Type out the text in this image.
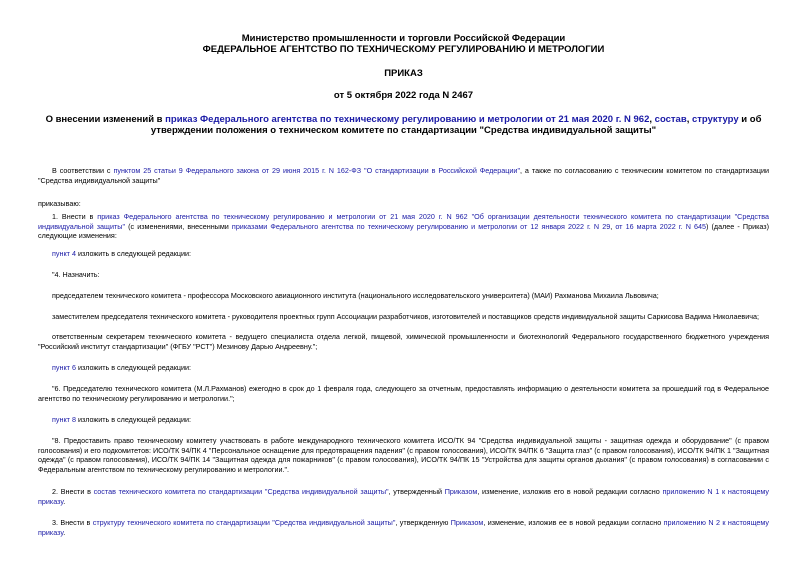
Министерство промышленности и торговли Российской Федерации
ФЕДЕРАЛЬНОЕ АГЕНТСТВО ПО ТЕХНИЧЕСКОМУ РЕГУЛИРОВАНИЮ И МЕТРОЛОГИИ
ПРИКАЗ
от 5 октября 2022 года N 2467
О внесении изменений в приказ Федерального агентства по техническому регулированию и метрологии от 21 мая 2020 г. N 962, состав, структуру и об утверждении положения о техническом комитете по стандартизации "Средства индивидуальной защиты"

В соответствии с пунктом 25 статьи 9 Федерального закона от 29 июня 2015 г. N 162-ФЗ "О стандартизации в Российской Федерации", а также по согласованию с техническим комитетом по стандартизации "Средства индивидуальной защиты"

приказываю:

1. Внести в приказ Федерального агентства по техническому регулированию и метрологии от 21 мая 2020 г. N 962 "Об организации деятельности технического комитета по стандартизации "Средства индивидуальной защиты" (с изменениями, внесенными приказами Федерального агентства по техническому регулированию и метрологии от 12 января 2022 г. N 29, от 16 марта 2022 г. N 645) (далее - Приказ) следующие изменения:

пункт 4 изложить в следующей редакции:

"4. Назначить:

председателем технического комитета - профессора Московского авиационного института (национального исследовательского университета) (МАИ) Рахманова Михаила Львовича;

заместителем председателя технического комитета - руководителя проектных групп Ассоциации разработчиков, изготовителей и поставщиков средств индивидуальной защиты Саркисова Вадима Николаевича;

ответственным секретарем технического комитета - ведущего специалиста отдела легкой, пищевой, химической промышленности и биотехнологий Федерального государственного бюджетного учреждения "Российский институт стандартизации" (ФГБУ "РСТ") Мезинову Дарью Андреевну.";

пункт 6 изложить в следующей редакции:

"6. Председателю технического комитета (М.Л.Рахманов) ежегодно в срок до 1 февраля года, следующего за отчетным, предоставлять информацию о деятельности комитета за прошедший год в Федеральное агентство по техническому регулированию и метрологии.";

пункт 8 изложить в следующей редакции:

"8. Предоставить право техническому комитету участвовать в работе международного технического комитета ИСО/ТК 94 "Средства индивидуальной защиты - защитная одежда и оборудование" (с правом голосования) и его подкомитетов: ИСО/ТК 94/ПК 4 "Персональное оснащение для предотвращения падения" (с правом голосования), ИСО/ТК 94/ПК 6 "Защита глаз" (с правом голосования), ИСО/ТК 94/ПК 1 "Защитная одежда" (с правом голосования), ИСО/ТК 94/ПК 14 "Защитная одежда для пожарников" (с правом голосования), ИСО/ТК 94/ПК 15 "Устройства для защиты органов дыхания" (с правом голосования) в согласовании с Федеральным агентством по техническому регулированию и метрологии.".

2. Внести в состав технического комитета по стандартизации "Средства индивидуальной защиты", утвержденный Приказом, изменение, изложив его в новой редакции согласно приложению N 1 к настоящему приказу.

3. Внести в структуру технического комитета по стандартизации "Средства индивидуальной защиты", утвержденную Приказом, изменение, изложив ее в новой редакции согласно приложению N 2 к настоящему приказу.
